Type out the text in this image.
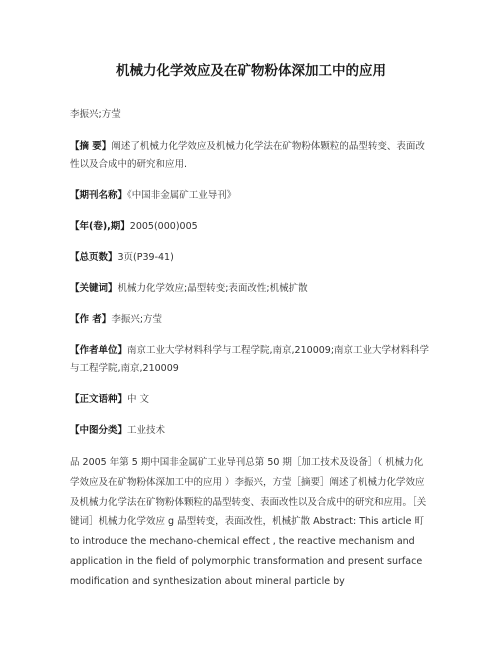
机械力化学效应及在矿物粉体深加工中的应用
李振兴;方莹
【摘 要】阐述了机械力化学效应及机械力化学法在矿物粉体颗粒的晶型转变、表面改性以及合成中的研究和应用.
【期刊名称】《中国非金属矿工业导刊》
【年(卷),期】2005(000)005
【总页数】3页(P39-41)
【关键词】机械力化学效应;晶型转变;表面改性;机械扩散
【作 者】李振兴;方莹
【作者单位】南京工业大学材料科学与工程学院,南京,210009;南京工业大学材料科学与工程学院,南京,210009
【正文语种】中 文
【中图分类】工业技术

品 2005 年第 5 期中国非金属矿工业导刊总第 50 期［加工技术及设备］（ 机械力化学效应及在矿物粉体深加工中的应用 ）李振兴，方莹［摘要］阐述了机械力化学效应及机械力化学法在矿物粉体颗粒的晶型转变、表面改性以及合成中的研究和应用。［关键词］机械力化学效应 g 晶型转变，表面改性，机械扩散 Abstract: This article 町 to introduce the mechano-chemical effect , the reactive mechanism and application in the field of polymorphic transformation and present surface modification and synthesization about mineral particle by
